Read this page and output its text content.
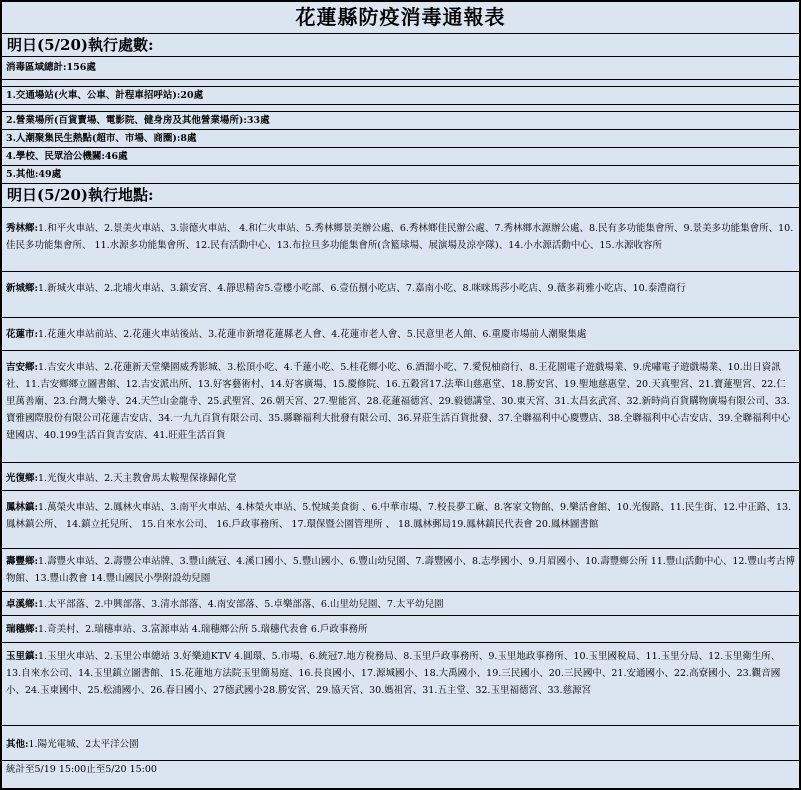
花蓮縣防疫消毒通報表
明日(5/20)執行處數:
消毒區域總計:156處
1.交通場站(火車、公車、計程車招呼站):20處
2.營業場所(百貨賣場、電影院、健身房及其他營業場所):33處
3.人潮聚集民生熱點(超市、市場、商圈):8處
4.學校、民眾洽公機關:46處
5.其他:49處
明日(5/20)執行地點:
秀林鄉:1.和平火車站、2.景美火車站、3.崇德火車站、 4.和仁火車站、5.秀林鄉景美辦公處、6.秀林鄉佳民辦公處、7.秀林鄉水源辦公處、8.民有多功能集會所、9.景美多功能集會所、10.佳民多功能集會所、 11.水源多功能集會所、12.民有活動中心、13.布拉旦多功能集會所(含籃球場、展演場及涼亭隊)、14.小水源活動中心、15.水源收容所
新城鄉:1.新城火車站、2.北埔火車站、3.鎮安宮、4.靜思精舍5.壹樓小吃部、6.壹伍捌小吃店、7.嘉南小吃、8.咪咪馬莎小吃店、9.薇多莉雅小吃店、10.泰澧商行
花蓮市:1.花蓮火車站前站、2.花蓮火車站後站、3.花蓮市新增花蓮縣老人會、4.花蓮市老人會、5.民意里老人館、6.重慶市場前人潮聚集處
吉安鄉:1.吉安火車站、2.花蓮新天堂樂園威秀影城、3.松頂小吃、4.千蓮小吃、5.桂花鄉小吃、6.酒溜小吃、7.愛倪柚商行、8.王花園電子遊戲場業、9.虎嘯電子遊戲場業、10.出日資訊社、11.吉安鄉鄉立圖書館、12.吉安派出所、13.好客藝術村、14.好客廣場、15.慶修院、16.五穀宮17.法華山慈惠堂、18.勝安宮、19.聖地慈惠堂、20.天真聖宮、21.寶蓮聖宮、22.仁里萬善廟、23.台灣大樂寺、24.天竺山金龍寺、25.武聖宮、26.朝天宮、27.聖能宮、28.花蓮福德宮、29.毅德講堂、30.東天宮、31.太昌玄武宮、32.新時尚百貨購物廣場有限公司、33.寶雅國際股份有限公司花蓮吉安店、34.一九九百貨有限公司、35.縣聯福利大批發有限公司、36.昇莊生活百貨批發、37.全聯福利中心慶豐店、38.全聯福利中心吉安店、39.全聯福利中心建國店、40.199生活百貨吉安店、41.旺莊生活百貨
光復鄉:1.光復火車站、2.天主教會馬太鞍聖保祿歸化堂
鳳林鎮:1.萬榮火車站、2.鳳林火車站、3.南平火車站、4.林榮火車站、5.悅城美食街 、6.中華市場、7.校長夢工廠、8.客家文物館、9.樂活會館、10.光復路、11.民生街、12.中正路、13.鳳林鎮公所、 14.鎮立托兒所、 15.自來水公司、 16.戶政事務所、 17.環保暨公園管理所 、 18.鳳林郵局19.鳳林鎮民代表會 20.鳳林圖書館
壽豐鄉:1.壽豐火車站、2.壽豐公車站牌、3.豐山統冠、4.溪口國小、5.豐山國小、6.豐山幼兒園、7.壽豐國小、8.志學國小、9.月眉國小、10.壽豐鄉公所 11.豐山活動中心、12.豐山考古博物館、13.豐山教會 14.豐山國民小學附設幼兒園
卓溪鄉:1.太平部落、2.中興部落、3.清水部落、4.南安部落、5.卓樂部落、6.山里幼兒園、7.太平幼兒園
瑞穗鄉:1.奇美村、2.瑞穗車站、3.富源車站 4.瑞穗鄉公所 5.瑞穗代表會 6.戶政事務所
玉里鎮:1.玉里火車站、2.玉里公車總站 3.好樂迪KTV 4.圓環、5.市場、6.統冠7.地方稅務局、8.玉里戶政事務所、9.玉里地政事務所、10.玉里國稅局、11.玉里分局、12.玉里衛生所、13.自來水公司、14.玉里鎮立圖書館、15.花蓮地方法院玉里簡易庭、16.長良國小、17.源城國小、18.大禹國小、19.三民國小、20.三民國中、21.安通國小、22.高寮國小、23.觀音國小、24.玉東國中、25.松浦國小、26.春日國小、27德武國小28.勝安宮、29.協天宮、30.媽祖宮、31.五主堂、32.玉里福德宮、33.慈源宮
其他:1.陽光電城、2太平洋公園
統計至5/19 15:00止至5/20 15:00
